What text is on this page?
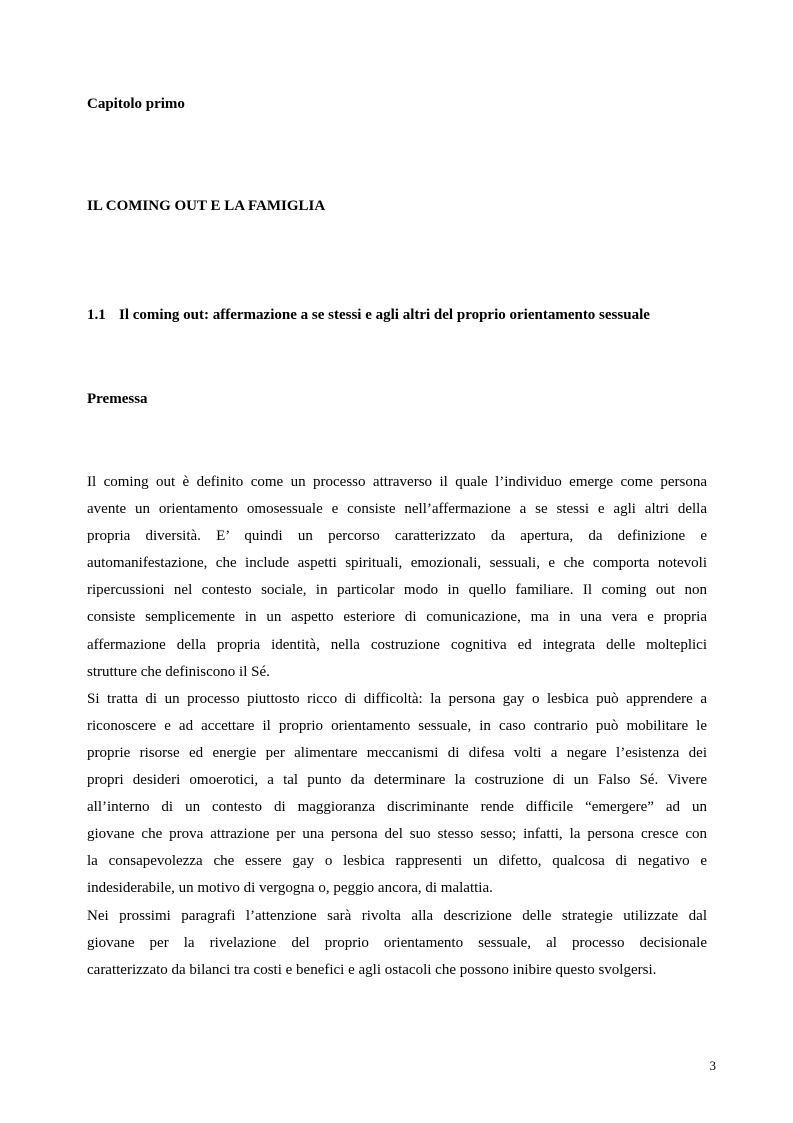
Capitolo primo
IL COMING OUT E LA FAMIGLIA
1.1 Il coming out: affermazione a se stessi e agli altri del proprio orientamento sessuale
Premessa
Il coming out è definito come un processo attraverso il quale l’individuo emerge come persona
avente un orientamento omosessuale e consiste nell’affermazione a se stessi e agli altri della
propria diversità. E’ quindi un percorso caratterizzato da apertura, da definizione e
automanifestazione, che include aspetti spirituali, emozionali, sessuali, e che comporta notevoli
ripercussioni nel contesto sociale, in particolar modo in quello familiare. Il coming out non
consiste semplicemente in un aspetto esteriore di comunicazione, ma in una vera e propria
affermazione della propria identità, nella costruzione cognitiva ed integrata delle molteplici
strutture che definiscono il Sé.
Si tratta di un processo piuttosto ricco di difficoltà: la persona gay o lesbica può apprendere a
riconoscere e ad accettare il proprio orientamento sessuale, in caso contrario può mobilitare le
proprie risorse ed energie per alimentare meccanismi di difesa volti a negare l’esistenza dei
propri desideri omoerotici, a tal punto da determinare la costruzione di un Falso Sé. Vivere
all’interno di un contesto di maggioranza discriminante rende difficile “emergere” ad un
giovane che prova attrazione per una persona del suo stesso sesso; infatti, la persona cresce con
la consapevolezza che essere gay o lesbica rappresenti un difetto, qualcosa di negativo e
indesiderabile, un motivo di vergogna o, peggio ancora, di malattia.
Nei prossimi paragrafi l’attenzione sarà rivolta alla descrizione delle strategie utilizzate dal
giovane per la rivelazione del proprio orientamento sessuale, al processo decisionale
caratterizzato da bilanci tra costi e benefici e agli ostacoli che possono inibire questo svolgersi.
3
